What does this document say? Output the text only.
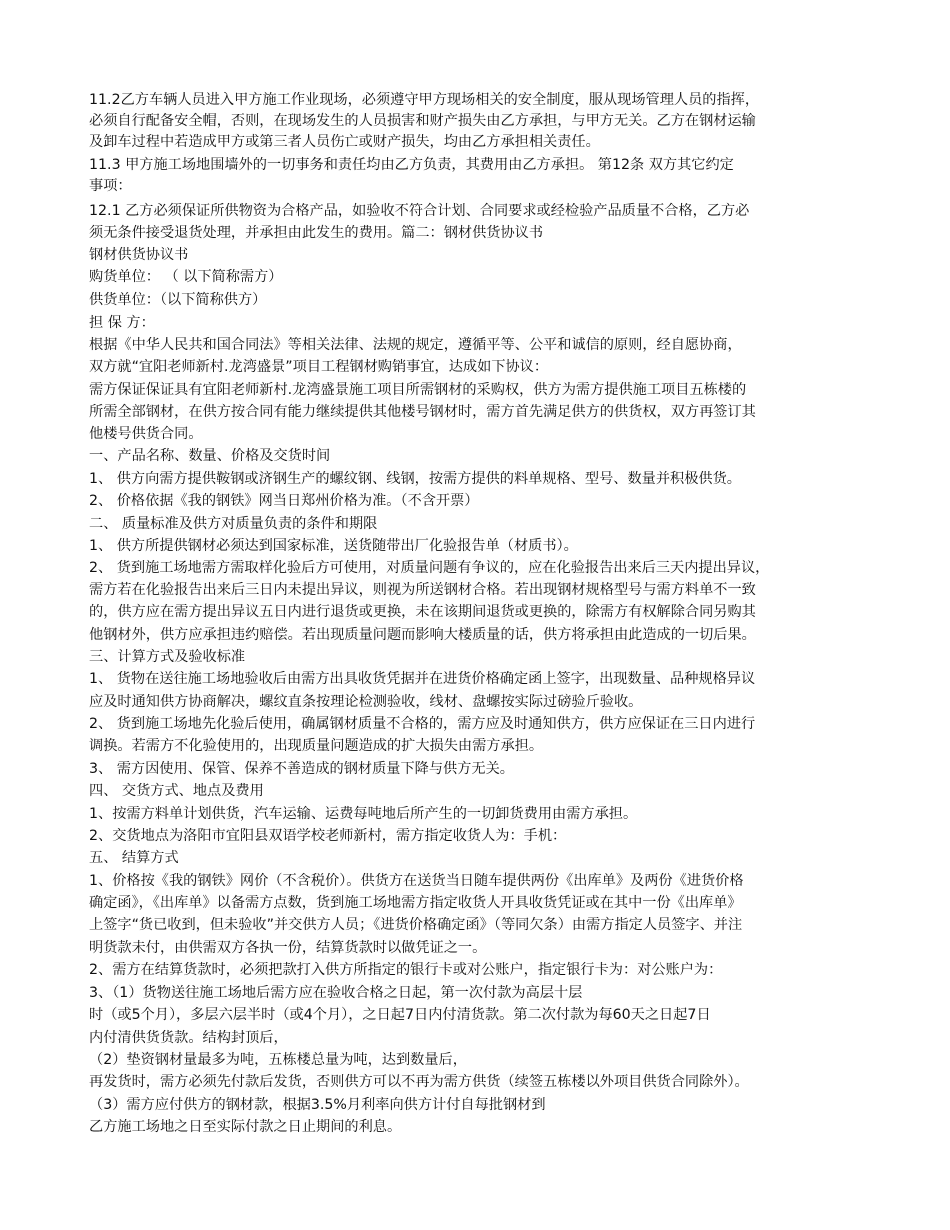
11.2乙方车辆人员进入甲方施工作业现场，必须遵守甲方现场相关的安全制度，服从现场管理人员的指挥，
必须自行配备安全帽，否则，在现场发生的人员损害和财产损失由乙方承担，与甲方无关。乙方在钢材运输
及卸车过程中若造成甲方或第三者人员伤亡或财产损失，均由乙方承担相关责任。
11.3 甲方施工场地围墙外的一切事务和责任均由乙方负责，其费用由乙方承担。 第12条 双方其它约定
事项：
12.1 乙方必须保证所供物资为合格产品，如验收不符合计划、合同要求或经检验产品质量不合格，乙方必
须无条件接受退货处理，并承担由此发生的费用。篇二：钢材供货协议书
钢材供货协议书
购货单位： （ 以下简称需方）
供货单位：（以下简称供方）
担 保 方：
根据《中华人民共和国合同法》等相关法律、法规的规定，遵循平等、公平和诚信的原则，经自愿协商，
双方就“宜阳老师新村.龙湾盛景”项目工程钢材购销事宜，达成如下协议：
需方保证保证具有宜阳老师新村.龙湾盛景施工项目所需钢材的采购权，供方为需方提供施工项目五栋楼的
所需全部钢材，在供方按合同有能力继续提供其他楼号钢材时，需方首先满足供方的供货权，双方再签订其
他楼号供货合同。
一、产品名称、数量、价格及交货时间
1、 供方向需方提供鞍钢或济钢生产的螺纹钢、线钢，按需方提供的料单规格、型号、数量并积极供货。
2、 价格依据《我的钢铁》网当日郑州价格为准。（不含开票）
二、 质量标准及供方对质量负责的条件和期限
1、 供方所提供钢材必须达到国家标准，送货随带出厂化验报告单（材质书）。
2、 货到施工场地需方需取样化验后方可使用，对质量问题有争议的，应在化验报告出来后三天内提出异议，
需方若在化验报告出来后三日内未提出异议，则视为所送钢材合格。若出现钢材规格型号与需方料单不一致
的，供方应在需方提出异议五日内进行退货或更换，未在该期间退货或更换的，除需方有权解除合同另购其
他钢材外，供方应承担违约赔偿。若出现质量问题而影响大楼质量的话，供方将承担由此造成的一切后果。
三、计算方式及验收标准
1、 货物在送往施工场地验收后由需方出具收货凭据并在进货价格确定函上签字，出现数量、品种规格异议
应及时通知供方协商解决，螺纹直条按理论检测验收，线材、盘螺按实际过磅验斤验收。
2、 货到施工场地先化验后使用，确属钢材质量不合格的，需方应及时通知供方，供方应保证在三日内进行
调换。若需方不化验使用的，出现质量问题造成的扩大损失由需方承担。
3、 需方因使用、保管、保养不善造成的钢材质量下降与供方无关。
四、 交货方式、地点及费用
1、按需方料单计划供货，汽车运输、运费每吨地后所产生的一切卸货费用由需方承担。
2、交货地点为洛阳市宜阳县双语学校老师新村，需方指定收货人为：手机：
五、 结算方式
1、价格按《我的钢铁》网价（不含税价）。供货方在送货当日随车提供两份《出库单》及两份《进货价格
确定函》，《出库单》以备需方点数，货到施工场地需方指定收货人开具收货凭证或在其中一份《出库单》
上签字“货已收到，但未验收”并交供方人员；《进货价格确定函》（等同欠条）由需方指定人员签字、并注
明货款未付，由供需双方各执一份，结算货款时以做凭证之一。
2、需方在结算货款时，必须把款打入供方所指定的银行卡或对公账户，指定银行卡为：对公账户为：
3、（1）货物送往施工场地后需方应在验收合格之日起，第一次付款为高层十层
时（或5个月），多层六层半时（或4个月），之日起7日内付清货款。第二次付款为每60天之日起7日
内付清供货货款。结构封顶后，
（2）垫资钢材量最多为吨，五栋楼总量为吨，达到数量后，
再发货时，需方必须先付款后发货，否则供方可以不再为需方供货（续签五栋楼以外项目供货合同除外）。
（3）需方应付供方的钢材款，根据3.5%月利率向供方计付自每批钢材到
乙方施工场地之日至实际付款之日止期间的利息。
